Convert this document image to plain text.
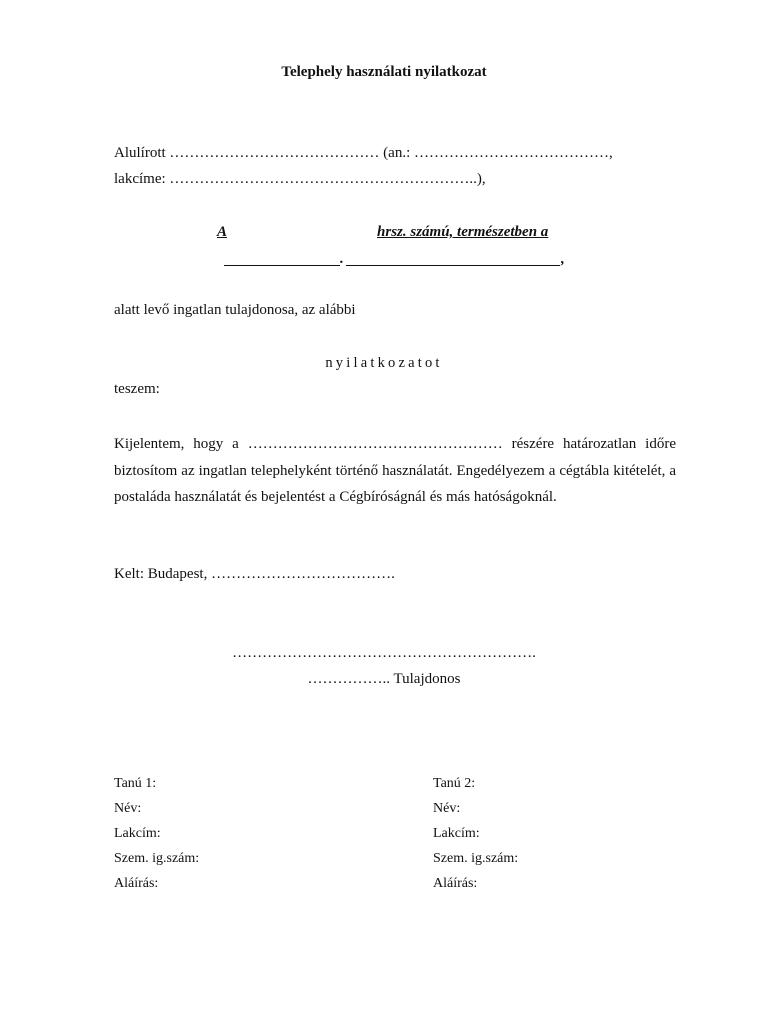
Telephely használati nyilatkozat
Alulírott …………………………………… (an.: …………………………………,
lakcíme: ……………………………………………………..),
A	hrsz. számú, természetben a
.	,
alatt levő ingatlan tulajdonosa, az alábbi
nyilatkozatot
teszem:
Kijelentem, hogy a …………………………………………… részére határozatlan időre biztosítom az ingatlan telephelyként történő használatát. Engedélyezem a cégtábla kitételét, a postaláda használatát és bejelentést a Cégbíróságnál és más hatóságoknál.
Kelt: Budapest, ……………………………….
…………………………………………………….
…………….. Tulajdonos
Tanú 1:
Név:
Lakcím:
Szem. ig.szám:
Aláírás:
Tanú 2:
Név:
Lakcím:
Szem. ig.szám:
Aláírás:
